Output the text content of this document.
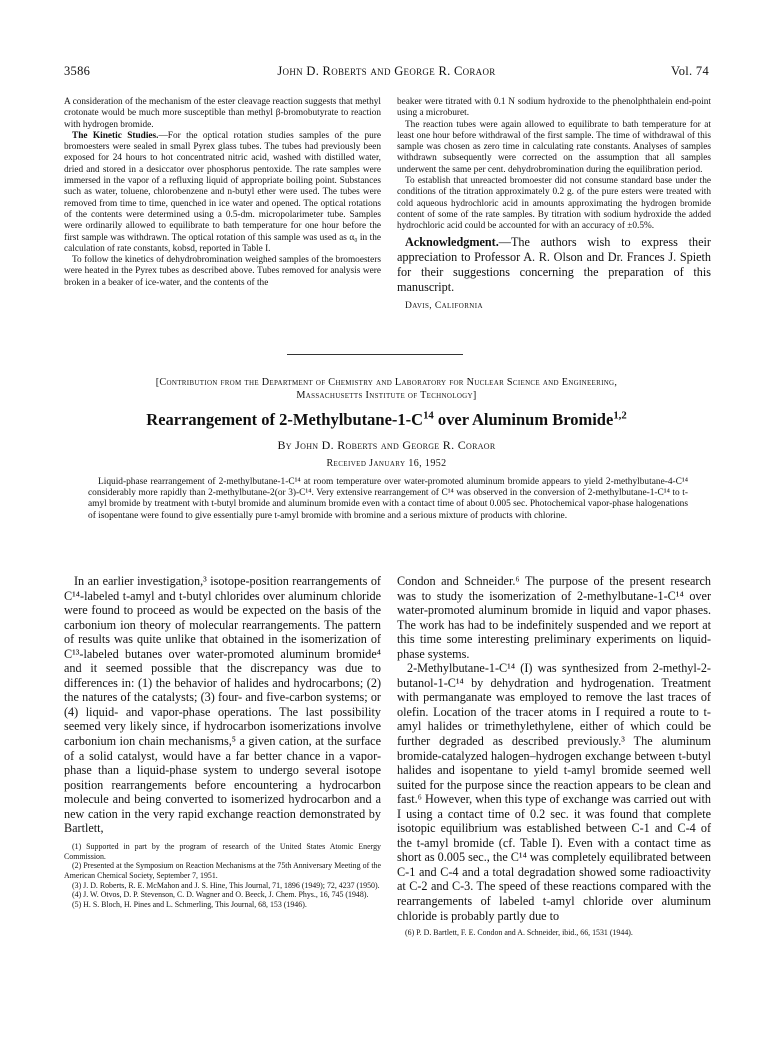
3586	John D. Roberts and George R. Coraor	Vol. 74

A consideration of the mechanism of the ester cleavage reaction suggests that methyl crotonate would be much more susceptible than methyl β-bromobutyrate to reaction with hydrogen bromide.

The Kinetic Studies.—For the optical rotation studies samples of the pure bromoesters were sealed in small Pyrex glass tubes. The tubes had previously been exposed for 24 hours to hot concentrated nitric acid, washed with distilled water, dried and stored in a desiccator over phosphorus pentoxide. The rate samples were immersed in the vapor of a refluxing liquid of appropriate boiling point. Substances such as water, toluene, chlorobenzene and n-butyl ether were used. The tubes were removed from time to time, quenched in ice water and opened. The optical rotations of the contents were determined using a 0.5-dm. micropolarimeter tube. Samples were ordinarily allowed to equilibrate to bath temperature for one hour before the first sample was withdrawn. The optical rotation of this sample was used as α₀ in the calculation of rate constants, kobsd, reported in Table I.

To follow the kinetics of dehydrobromination weighed samples of the bromoesters were heated in the Pyrex tubes as described above. Tubes removed for analysis were broken in a beaker of ice-water, and the contents of the

beaker were titrated with 0.1 N sodium hydroxide to the phenolphthalein end-point using a microburet.

The reaction tubes were again allowed to equilibrate to bath temperature for at least one hour before withdrawal of the first sample. The time of withdrawal of this sample was chosen as zero time in calculating rate constants. Analyses of samples withdrawn subsequently were corrected on the assumption that all samples underwent the same per cent. dehydrobromination during the equilibration period.

To establish that unreacted bromoester did not consume standard base under the conditions of the titration approximately 0.2 g. of the pure esters were treated with cold aqueous hydrochloric acid in amounts approximating the hydrogen bromide content of some of the rate samples. By titration with sodium hydroxide the added hydrochloric acid could be accounted for with an accuracy of ±0.5%.

Acknowledgment.—The authors wish to express their appreciation to Professor A. R. Olson and Dr. Frances J. Spieth for their suggestions concerning the preparation of this manuscript.

Davis, California
[Contribution from the Department of Chemistry and Laboratory for Nuclear Science and Engineering,
Massachusetts Institute of Technology]
Rearrangement of $2-Methylbutane-1-C^{14}$ over Aluminum Bromide$^{1,2}$
By John D. Roberts and George R. Coraor
Received January 16, 1952

Liquid-phase rearrangement of 2-methylbutane-1-C¹⁴ at room temperature over water-promoted aluminum bromide appears to yield 2-methylbutane-4-C¹⁴ considerably more rapidly than 2-methylbutane-2(or 3)-C¹⁴. Very extensive rearrangement of C¹⁴ was observed in the conversion of 2-methylbutane-1-C¹⁴ to t-amyl bromide by treatment with t-butyl bromide and aluminum bromide even with a contact time of about 0.005 sec. Photochemical vapor-phase halogenations of isopentane were found to give essentially pure t-amyl bromide with bromine and a serious mixture of products with chlorine.

In an earlier investigation,³ isotope-position rearrangements of C¹⁴-labeled t-amyl and t-butyl chlorides over aluminum chloride were found to proceed as would be expected on the basis of the carbonium ion theory of molecular rearrangements. The pattern of results was quite unlike that obtained in the isomerization of C¹³-labeled butanes over water-promoted aluminum bromide⁴ and it seemed possible that the discrepancy was due to differences in: (1) the behavior of halides and hydrocarbons; (2) the natures of the catalysts; (3) four- and five-carbon systems; or (4) liquid- and vapor-phase operations. The last possibility seemed very likely since, if hydrocarbon isomerizations involve carbonium ion chain mechanisms,⁵ a given cation, at the surface of a solid catalyst, would have a far better chance in a vapor-phase than a liquid-phase system to undergo several isotope position rearrangements before encountering a hydrocarbon molecule and being converted to isomerized hydrocarbon and a new cation in the very rapid exchange reaction demonstrated by Bartlett,

(1) Supported in part by the program of research of the United States Atomic Energy Commission.

(2) Presented at the Symposium on Reaction Mechanisms at the 75th Anniversary Meeting of the American Chemical Society, September 7, 1951.

(3) J. D. Roberts, R. E. McMahon and J. S. Hine, This Journal, 71, 1896 (1949); 72, 4237 (1950).

(4) J. W. Otvos, D. P. Stevenson, C. D. Wagner and O. Beeck, J. Chem. Phys., 16, 745 (1948).

(5) H. S. Bloch, H. Pines and L. Schmerling, This Journal, 68, 153 (1946).

Condon and Schneider.⁶ The purpose of the present research was to study the isomerization of 2-methylbutane-1-C¹⁴ over water-promoted aluminum bromide in liquid and vapor phases. The work has had to be indefinitely suspended and we report at this time some interesting preliminary experiments on liquid-phase systems.

2-Methylbutane-1-C¹⁴ (I) was synthesized from 2-methyl-2-butanol-1-C¹⁴ by dehydration and hydrogenation. Treatment with permanganate was employed to remove the last traces of olefin. Location of the tracer atoms in I required a route to t-amyl halides or trimethylethylene, either of which could be further degraded as described previously.³ The aluminum bromide-catalyzed halogen–hydrogen exchange between t-butyl halides and isopentane to yield t-amyl bromide seemed well suited for the purpose since the reaction appears to be clean and fast.⁶ However, when this type of exchange was carried out with I using a contact time of 0.2 sec. it was found that complete isotopic equilibrium was established between C-1 and C-4 of the t-amyl bromide (cf. Table I). Even with a contact time as short as 0.005 sec., the C¹⁴ was completely equilibrated between C-1 and C-4 and a total degradation showed some radioactivity at C-2 and C-3. The speed of these reactions compared with the rearrangements of labeled t-amyl chloride over aluminum chloride is probably partly due to

(6) P. D. Bartlett, F. E. Condon and A. Schneider, ibid., 66, 1531 (1944).
